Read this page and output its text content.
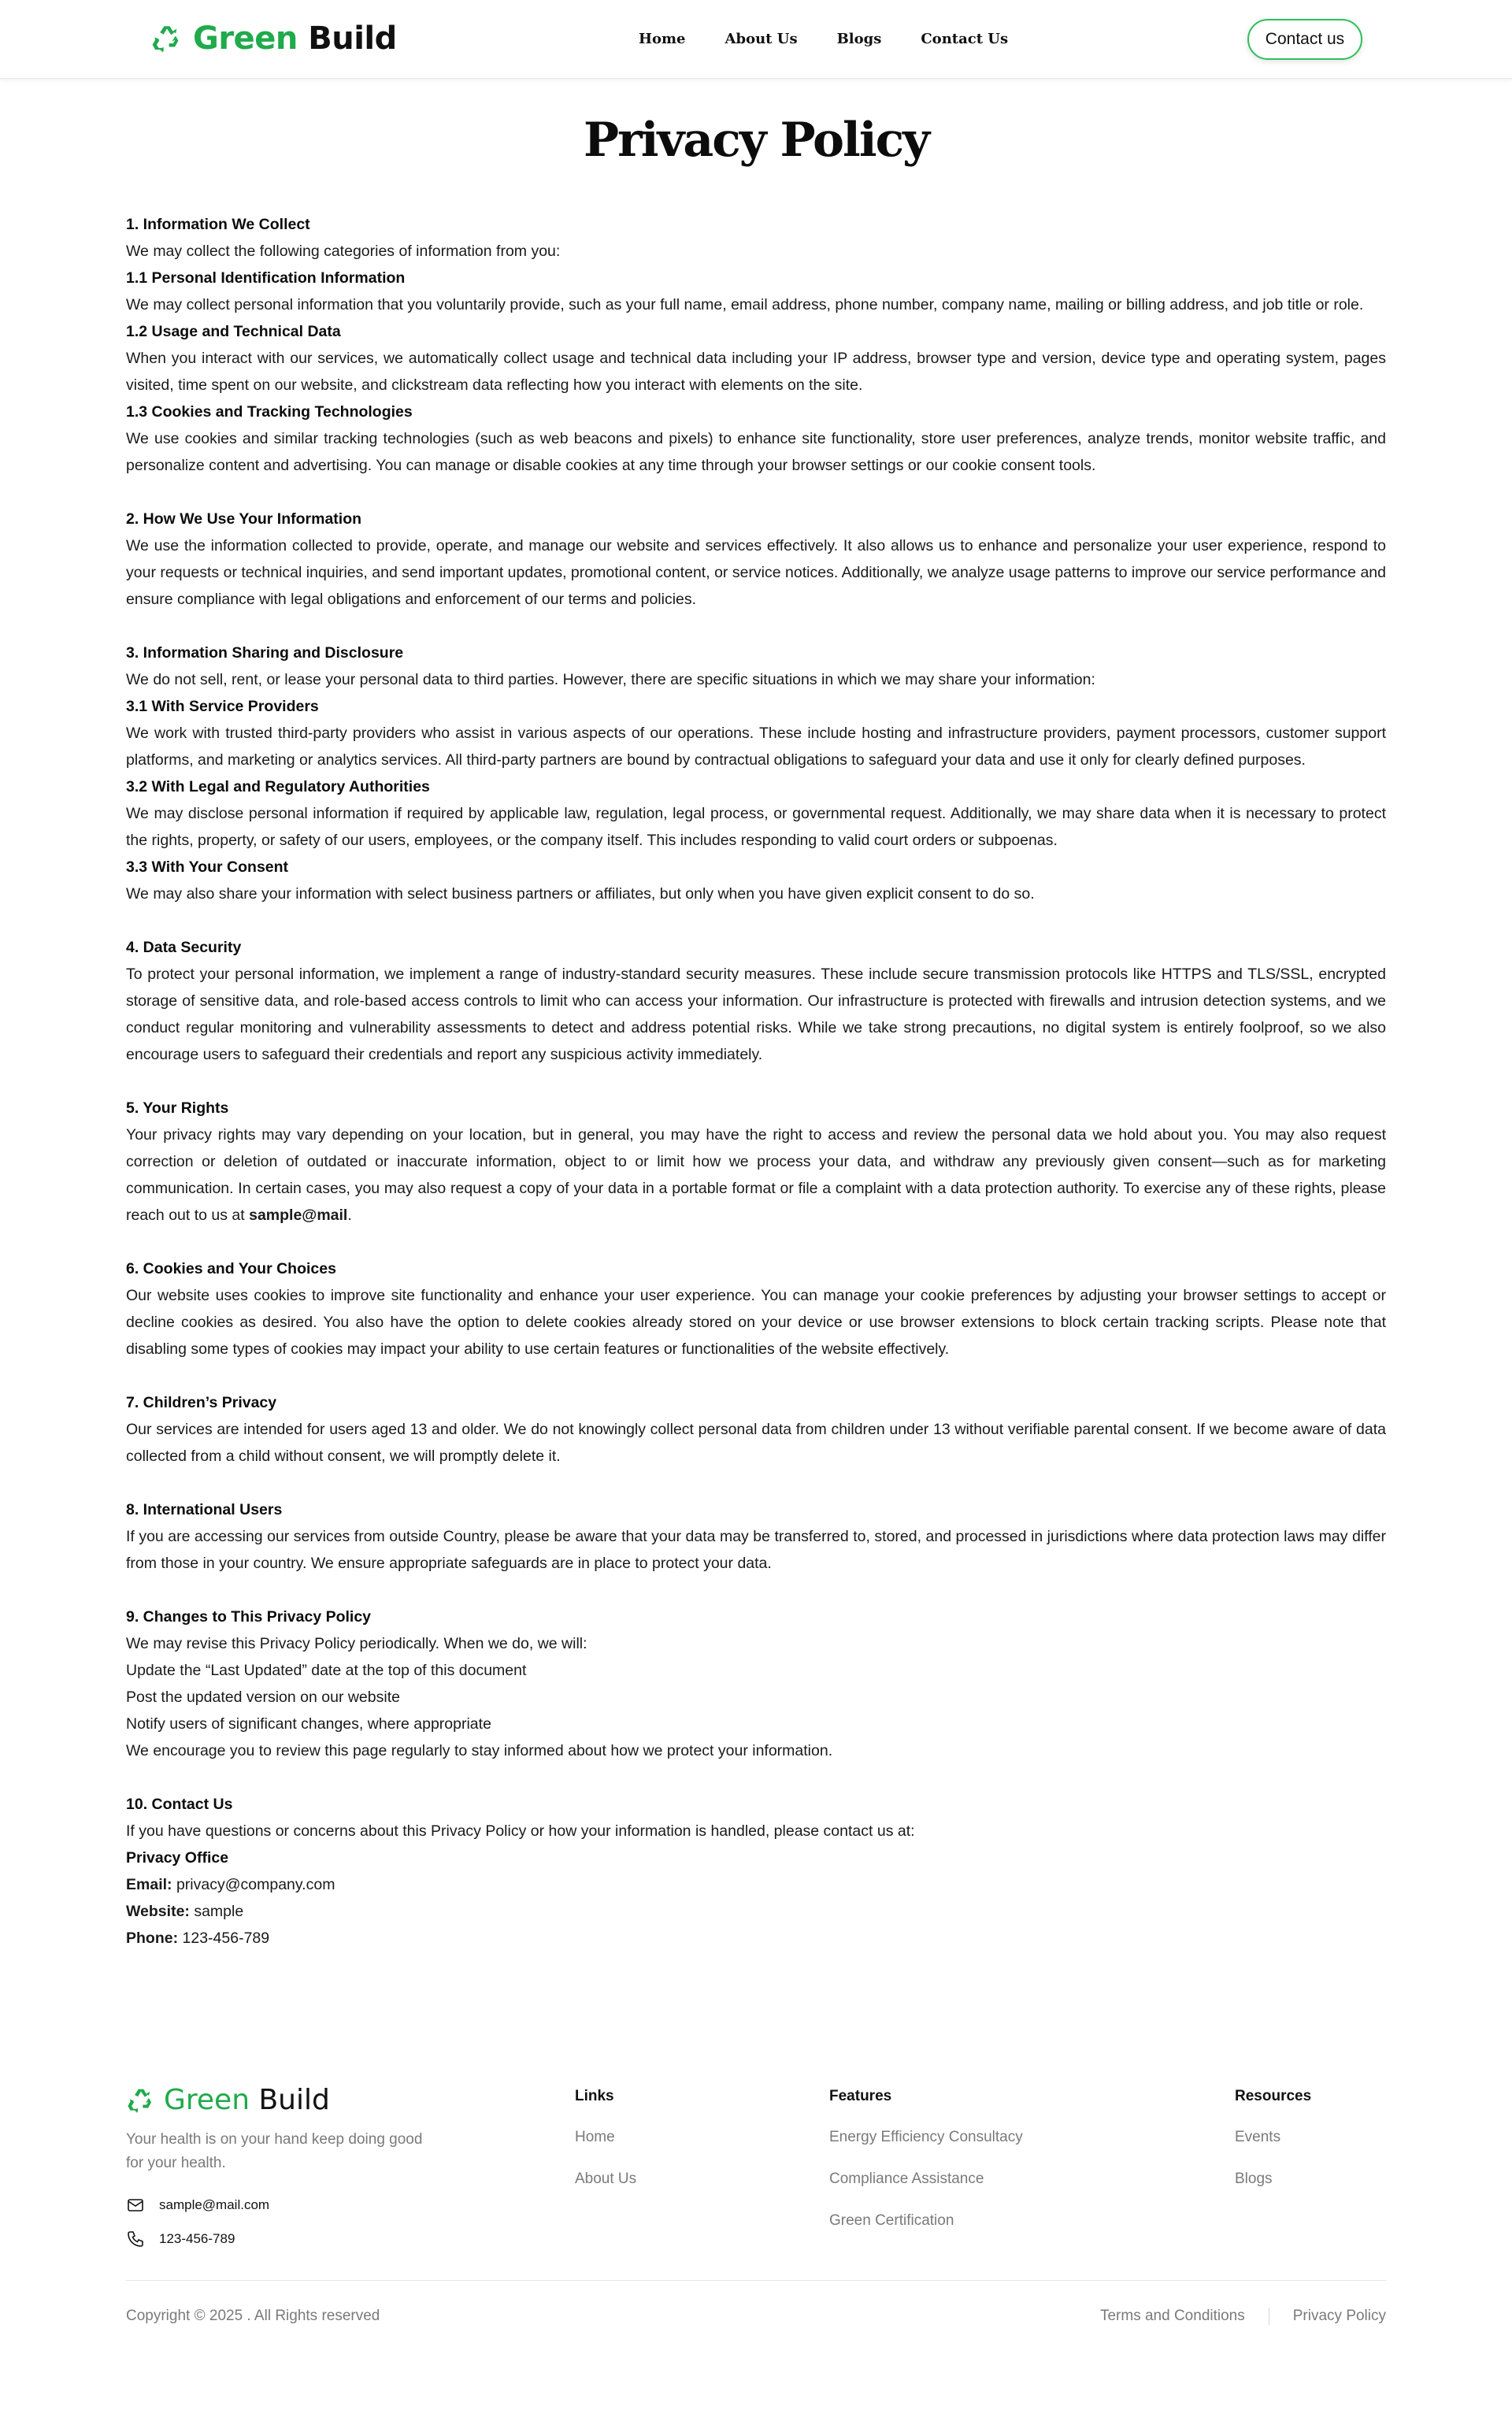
Green Build	Home	About Us	Blogs	Contact Us	Contact us
Privacy Policy

1. Information We Collect

We may collect the following categories of information from you:

1.1 Personal Identification Information

We may collect personal information that you voluntarily provide, such as your full name, email address, phone number, company name, mailing or billing address, and job title or role.

1.2 Usage and Technical Data

When you interact with our services, we automatically collect usage and technical data including your IP address, browser type and version, device type and operating system, pages visited, time spent on our website, and clickstream data reflecting how you interact with elements on the site.

1.3 Cookies and Tracking Technologies

We use cookies and similar tracking technologies (such as web beacons and pixels) to enhance site functionality, store user preferences, analyze trends, monitor website traffic, and personalize content and advertising. You can manage or disable cookies at any time through your browser settings or our cookie consent tools.

2. How We Use Your Information

We use the information collected to provide, operate, and manage our website and services effectively. It also allows us to enhance and personalize your user experience, respond to your requests or technical inquiries, and send important updates, promotional content, or service notices. Additionally, we analyze usage patterns to improve our service performance and ensure compliance with legal obligations and enforcement of our terms and policies.

3. Information Sharing and Disclosure

We do not sell, rent, or lease your personal data to third parties. However, there are specific situations in which we may share your information:

3.1 With Service Providers

We work with trusted third-party providers who assist in various aspects of our operations. These include hosting and infrastructure providers, payment processors, customer support platforms, and marketing or analytics services. All third-party partners are bound by contractual obligations to safeguard your data and use it only for clearly defined purposes.

3.2 With Legal and Regulatory Authorities

We may disclose personal information if required by applicable law, regulation, legal process, or governmental request. Additionally, we may share data when it is necessary to protect the rights, property, or safety of our users, employees, or the company itself. This includes responding to valid court orders or subpoenas.

3.3 With Your Consent

We may also share your information with select business partners or affiliates, but only when you have given explicit consent to do so.

4. Data Security

To protect your personal information, we implement a range of industry-standard security measures. These include secure transmission protocols like HTTPS and TLS/SSL, encrypted storage of sensitive data, and role-based access controls to limit who can access your information. Our infrastructure is protected with firewalls and intrusion detection systems, and we conduct regular monitoring and vulnerability assessments to detect and address potential risks. While we take strong precautions, no digital system is entirely foolproof, so we also encourage users to safeguard their credentials and report any suspicious activity immediately.

5. Your Rights

Your privacy rights may vary depending on your location, but in general, you may have the right to access and review the personal data we hold about you. You may also request correction or deletion of outdated or inaccurate information, object to or limit how we process your data, and withdraw any previously given consent—such as for marketing communication. In certain cases, you may also request a copy of your data in a portable format or file a complaint with a data protection authority. To exercise any of these rights, please reach out to us at sample@mail.

6. Cookies and Your Choices

Our website uses cookies to improve site functionality and enhance your user experience. You can manage your cookie preferences by adjusting your browser settings to accept or decline cookies as desired. You also have the option to delete cookies already stored on your device or use browser extensions to block certain tracking scripts. Please note that disabling some types of cookies may impact your ability to use certain features or functionalities of the website effectively.

7. Children’s Privacy

Our services are intended for users aged 13 and older. We do not knowingly collect personal data from children under 13 without verifiable parental consent. If we become aware of data collected from a child without consent, we will promptly delete it.

8. International Users

If you are accessing our services from outside Country, please be aware that your data may be transferred to, stored, and processed in jurisdictions where data protection laws may differ from those in your country. We ensure appropriate safeguards are in place to protect your data.

9. Changes to This Privacy Policy

We may revise this Privacy Policy periodically. When we do, we will:

Update the “Last Updated” date at the top of this document

Post the updated version on our website

Notify users of significant changes, where appropriate

We encourage you to review this page regularly to stay informed about how we protect your information.

10. Contact Us

If you have questions or concerns about this Privacy Policy or how your information is handled, please contact us at:

Privacy Office

Email: privacy@company.com

Website: sample

Phone: 123-456-789

Green Build
Your health is on your hand keep doing good for your health.
sample@mail.com
123-456-789
Links
Home
About Us
Features
Energy Efficiency Consultacy
Compliance Assistance
Green Certification
Resources
Events
Blogs
Copyright © 2025 . All Rights reserved	Terms and Conditions	Privacy Policy
